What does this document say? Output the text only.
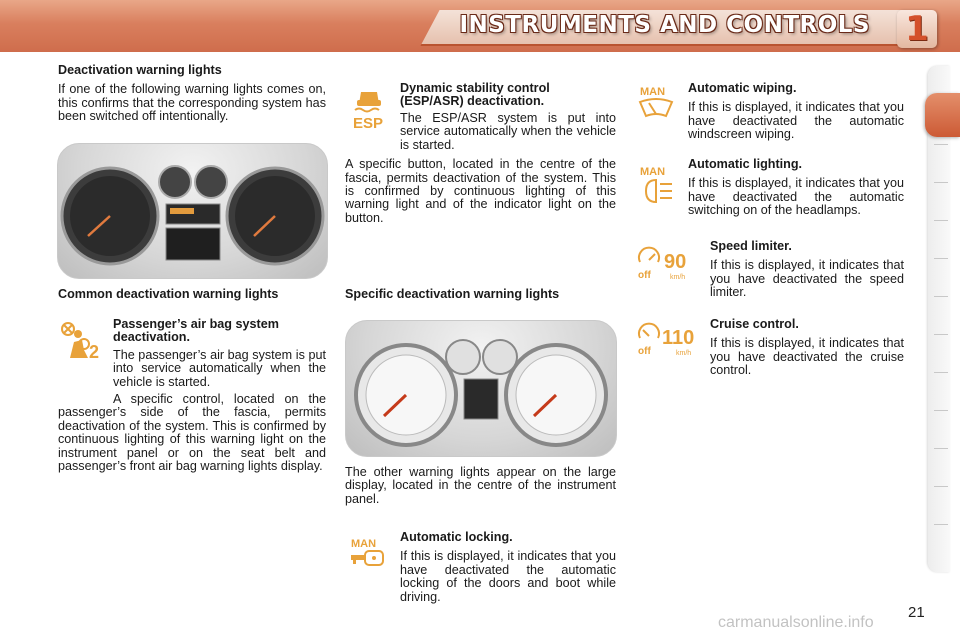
INSTRUMENTS AND CONTROLS 1

Deactivation warning lights

If one of the following warning lights comes on, this confirms that the corresponding system has been switched off intentionally.

Common deactivation warning lights

2

Passenger’s air bag system deactivation.

The passenger’s air bag system is put into service automatically when the vehicle is started.

A specific control, located on the passenger’s side of the fascia, permits deactivation of the system. This is confirmed by continuous lighting of this warning light on the instrument panel or on the seat belt and passenger’s front air bag warning lights display.

ESP

Dynamic stability control (ESP/ASR) deactivation.

The ESP/ASR system is put into service automatically when the vehicle is started.

A specific button, located in the centre of the fascia, permits deactivation of the system. This is confirmed by continuous lighting of this warning light and of the indicator light on the button.

Specific deactivation warning lights

The other warning lights appear on the large display, located in the centre of the instrument panel.

MAN Automatic locking.

If this is displayed, it indicates that you have deactivated the automatic locking of the doors and boot while driving.

MAN Automatic wiping.

If this is displayed, it indicates that you have deactivated the automatic windscreen wiping.

MAN

Automatic lighting.

If this is displayed, it indicates that you have deactivated the automatic switching on of the headlamps.

off
90
km/h

Speed limiter.

If this is displayed, it indicates that you have deactivated the speed limiter.

off
110
km/h

Cruise control.

If this is displayed, it indicates that you have deactivated the cruise control.

21
carmanualsonline.info
